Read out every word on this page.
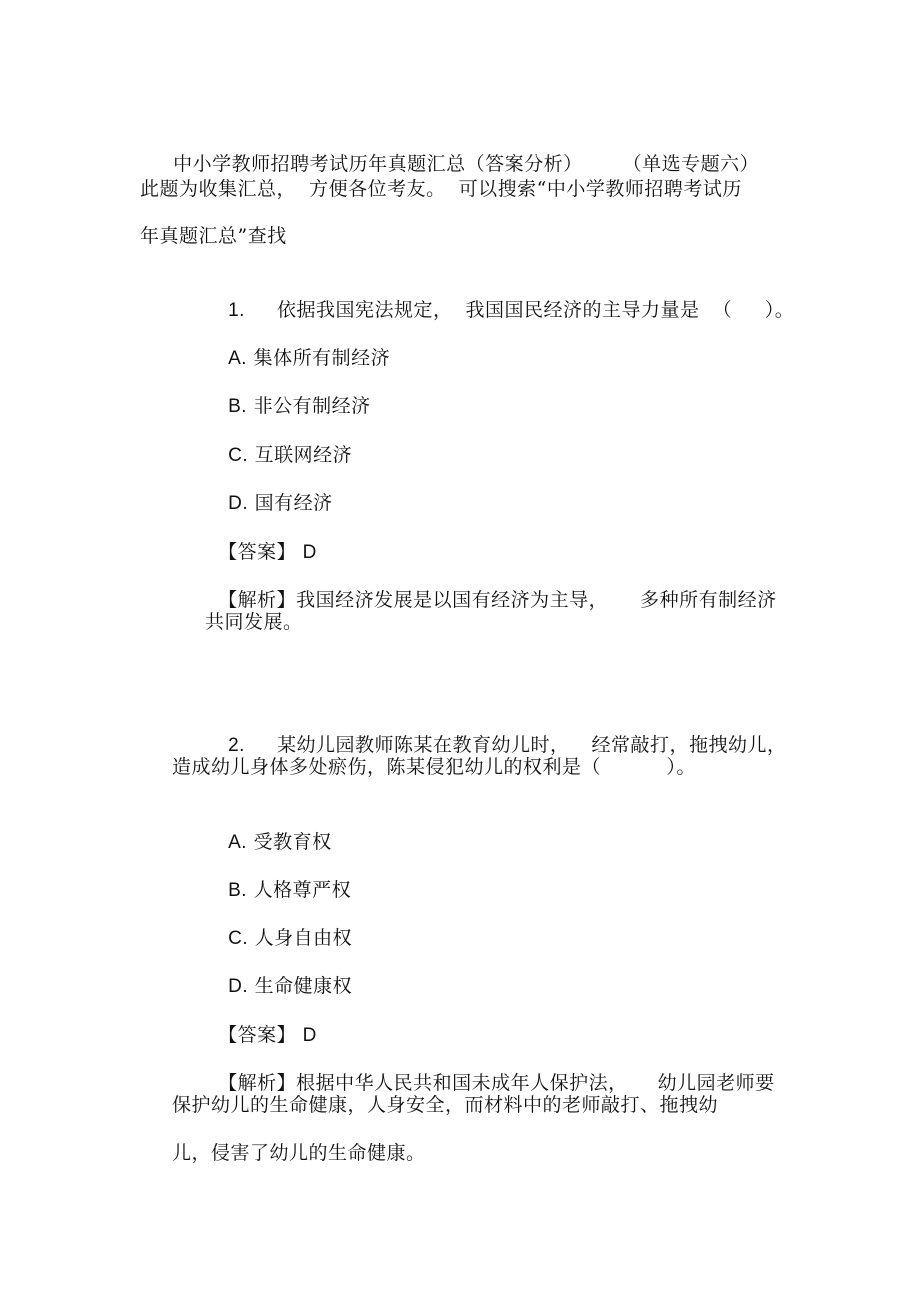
中小学教师招聘考试历年真题汇总（答案分析） （单选专题六）

此题为收集汇总，  方便各位考友。  可以搜索“中小学教师招聘考试历
年真题汇总”查找

1. 依据我国宪法规定，  我国国民经济的主导力量是  （     ）。

A. 集体所有制经济

B. 非公有制经济

C. 互联网经济

D. 国有经济

【答案】 D

【解析】我国经济发展是以国有经济为主导， 多种所有制经济

共同发展。

2. 某幼儿园教师陈某在教育幼儿时， 经常敲打，拖拽幼儿，

造成幼儿身体多处瘀伤，陈某侵犯幼儿的权利是（          ）。

A. 受教育权

B. 人格尊严权

C. 人身自由权

D. 生命健康权

【答案】 D

【解析】根据中华人民共和国未成年人保护法， 幼儿园老师要

保护幼儿的生命健康，人身安全，而材料中的老师敲打、拖拽幼
儿，侵害了幼儿的生命健康。
